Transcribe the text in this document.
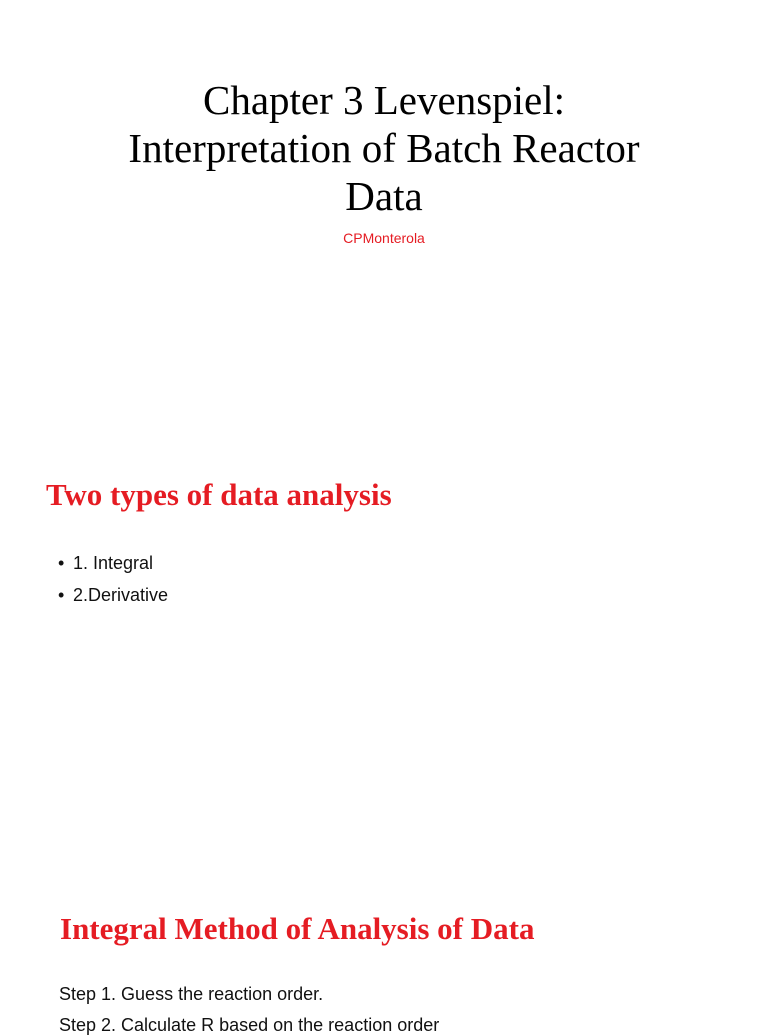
Chapter 3 Levenspiel:
Interpretation of Batch Reactor
Data
CPMonterola
Two types of data analysis
• 1. Integral
• 2.Derivative
Integral Method of Analysis of Data
Step 1. Guess the reaction order.
Step 2. Calculate R based on the reaction order
